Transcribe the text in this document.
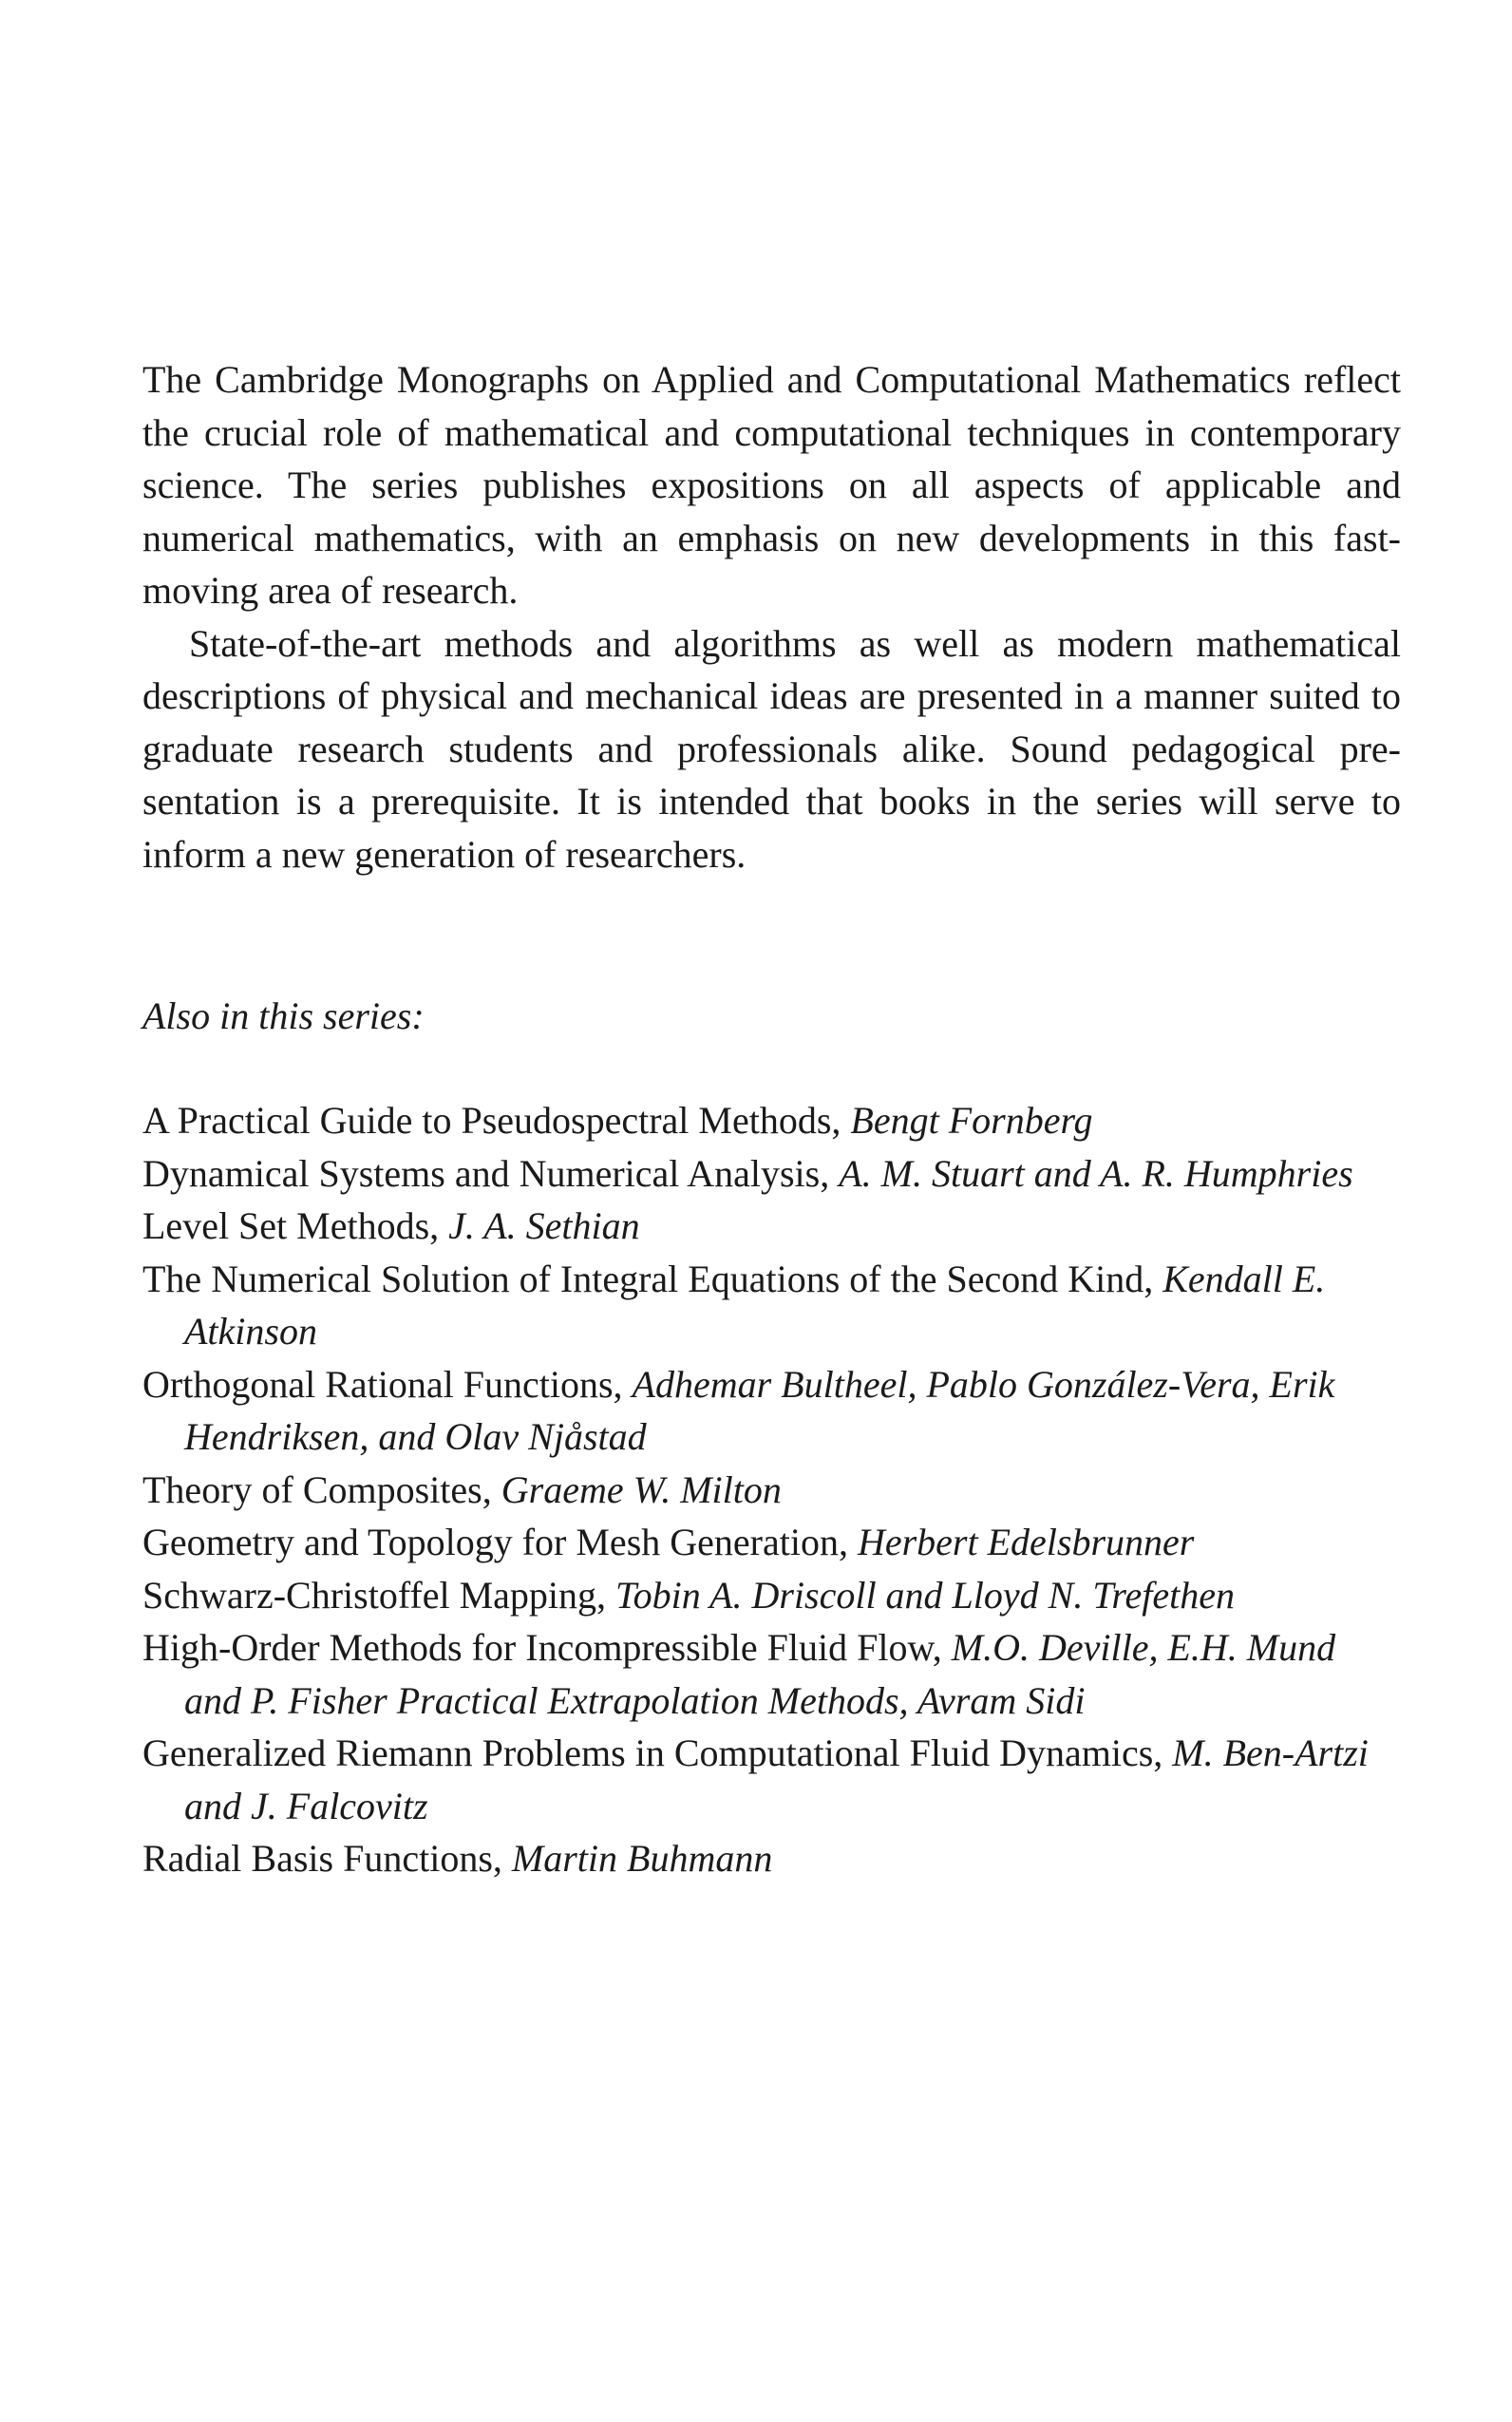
The Cambridge Monographs on Applied and Computational Mathematics reflect the crucial role of mathematical and computational techniques in contemporary science. The series publishes expositions on all aspects of applicable and numerical mathematics, with an emphasis on new developments in this fast-moving area of research.

State-of-the-art methods and algorithms as well as modern mathematical descriptions of physical and mechanical ideas are presented in a manner suited to graduate research students and professionals alike. Sound pedagogical presentation is a prerequisite. It is intended that books in the series will serve to inform a new generation of researchers.

Also in this series:

A Practical Guide to Pseudospectral Methods, Bengt Fornberg
Dynamical Systems and Numerical Analysis, A. M. Stuart and A. R. Humphries
Level Set Methods, J. A. Sethian
The Numerical Solution of Integral Equations of the Second Kind, Kendall E. Atkinson
Orthogonal Rational Functions, Adhemar Bultheel, Pablo González-Vera, Erik Hendriksen, and Olav Njåstad
Theory of Composites, Graeme W. Milton
Geometry and Topology for Mesh Generation, Herbert Edelsbrunner
Schwarz-Christoffel Mapping, Tobin A. Driscoll and Lloyd N. Trefethen
High-Order Methods for Incompressible Fluid Flow, M.O. Deville, E.H. Mund and P. Fisher Practical Extrapolation Methods, Avram Sidi
Generalized Riemann Problems in Computational Fluid Dynamics, M. Ben-Artzi and J. Falcovitz
Radial Basis Functions, Martin Buhmann
